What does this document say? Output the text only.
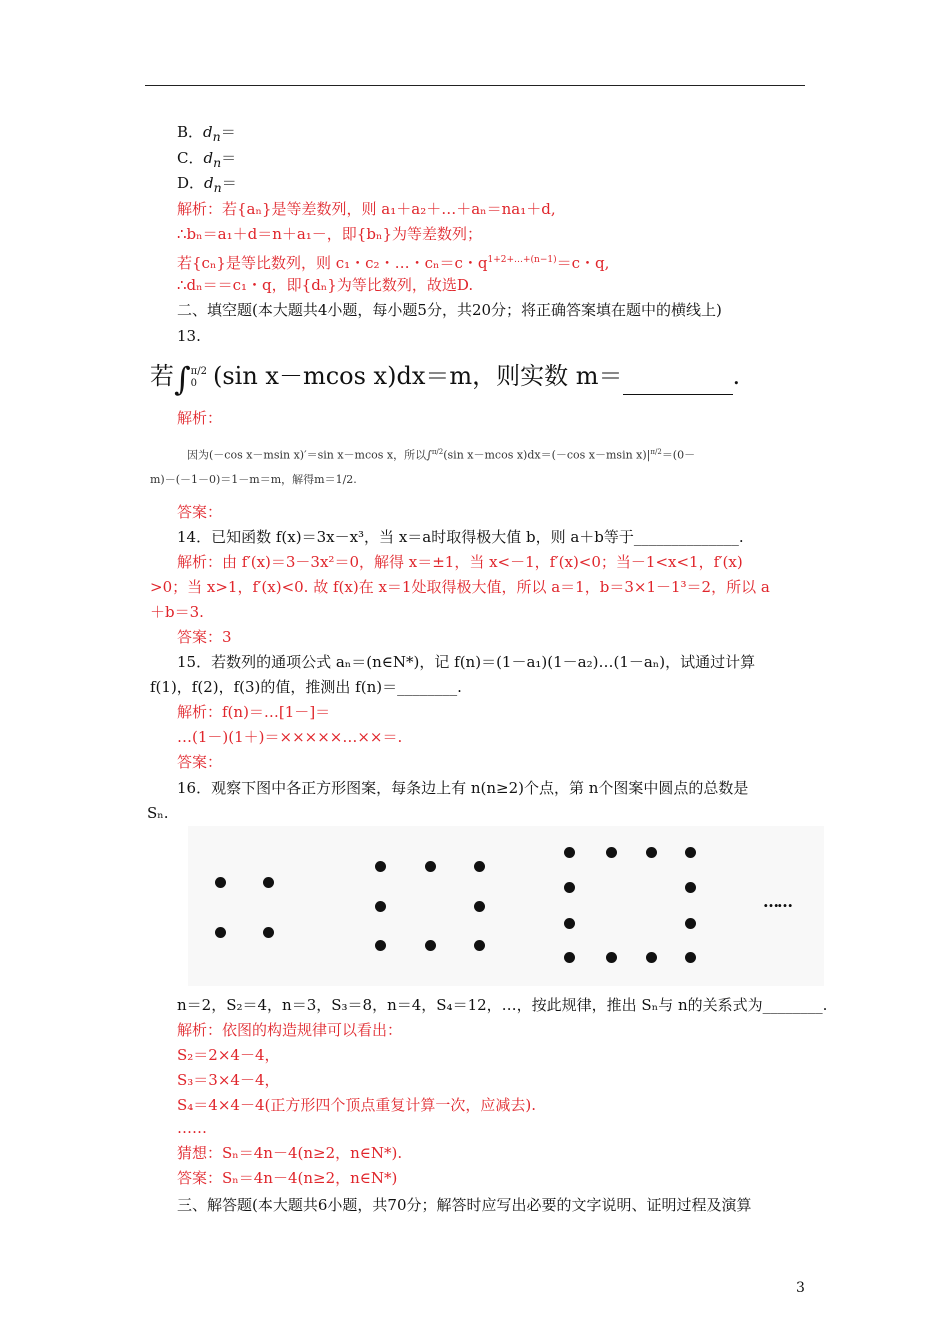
B．$d_n=$
C．$d_n=$
D．$d_n=$
解析：若{aₙ}是等差数列，则 a₁＋a₂＋…＋aₙ＝na₁＋d,
∴bₙ＝a₁＋d＝n＋a₁－，即{bₙ}为等差数列；
若{cₙ}是等比数列，则 c₁・c₂・…・cₙ＝c・$q^{1+2+\dots+(n-1)}=c$・q,
∴dₙ＝＝c₁・q，即{dₙ}为等比数列，故选D.
二、填空题(本大题共4小题，每小题5分，共20分；将正确答案填在题中的横线上)
13.
若∫ π/2
0 (sin x－mcos x)dx＝m，则实数 m＝	.
解析：
因为(－cos x－msin x)′＝sin x－mcos x，所以∫$^{\pi/2}$(sin x－mcos x)dx＝(－cos x－msin $x)|^{\pi/2}=(0-$
m)－(－1－0)＝1－m＝m，解得m＝1/2.
答案：
14．已知函数 f(x)＝3x－x³，当 x＝a时取得极大值 b，则 a＋b等于______________.
解析：由 f′(x)＝3－3x²＝0，解得 x＝±1，当 x<－1，f′(x)<0；当－1<x<1，f′(x)
>0；当 x>1，f′(x)<0. 故 f(x)在 x＝1处取得极大值，所以 a＝1，b＝3×1－1³＝2，所以 a
＋b＝3.
答案：3
15．若数列的通项公式 aₙ＝(n∈N*)，记 f(n)＝(1－a₁)(1－a₂)…(1－aₙ)，试通过计算
f(1)，f(2)，f(3)的值，推测出 f(n)＝________.
解析：f(n)＝…[1－]＝
…(1－)(1＋)＝×××××…××＝.
答案：
16．观察下图中各正方形图案，每条边上有 n(n≥2)个点，第 n个图案中圆点的总数是
Sₙ.
……
n＝2，S₂＝4，n＝3，S₃＝8，n＝4，S₄＝12，…，按此规律，推出 Sₙ与 n的关系式为________.
解析：依图的构造规律可以看出：
S₂＝2×4－4，
S₃＝3×4－4，
S₄＝4×4－4(正方形四个顶点重复计算一次，应减去).
……
猜想：Sₙ＝4n－4(n≥2，n∈N*).
答案：Sₙ＝4n－4(n≥2，n∈N*)
三、解答题(本大题共6小题，共70分；解答时应写出必要的文字说明、证明过程及演算
3
